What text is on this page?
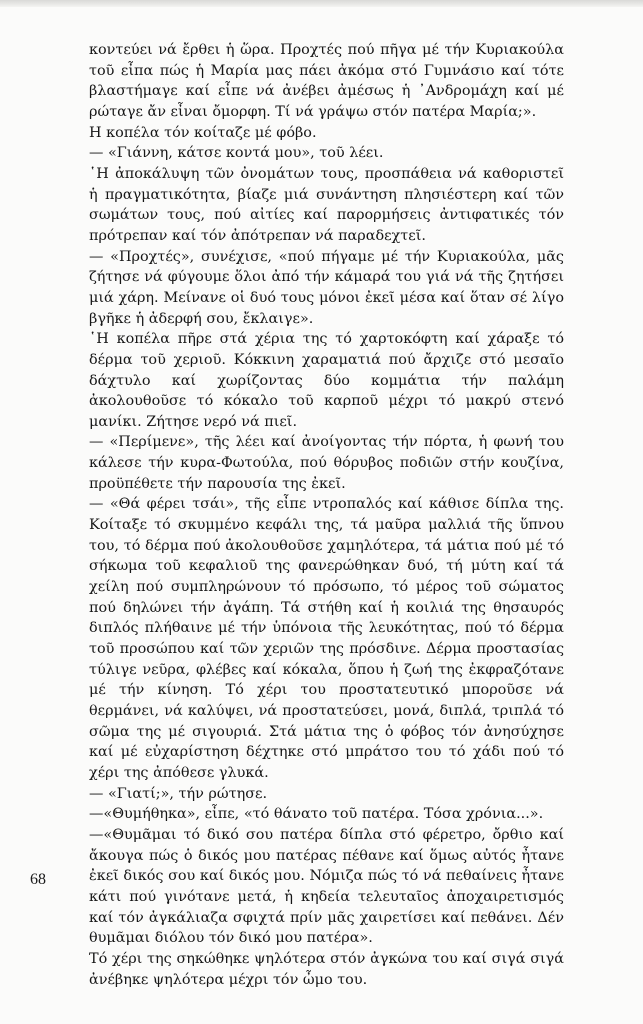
κοντεύει νά ἔρθει ἡ ὥρα. Προχτές πού πῆγα μέ τήν Κυριακούλα τοῦ εἶπα πώς ἡ Μαρία μας πάει ἀκόμα στό Γυμνάσιο καί τότε βλαστήμαγε καί εἶπε νά ἀνέβει ἀμέσως ἡ ᾽Ανδρομάχη καί μέ ρώταγε ἄν εἶναι ὄμορφη. Τί νά γράψω στόν πατέρα Μαρία;».

Η κοπέλα τόν κοίταζε μέ φόβο.

— «Γιάννη, κάτσε κοντά μου», τοῦ λέει.

῾Η ἀποκάλυψη τῶν ὀνομάτων τους, προσπάθεια νά καθοριστεῖ ἡ πραγματικότητα, βίαζε μιά συνάντηση πλησιέστερη καί τῶν σωμάτων τους, πού αἰτίες καί παρορμήσεις ἀντιφατικές τόν πρότρεπαν καί τόν ἀπότρεπαν νά παραδεχτεῖ.

— «Προχτές», συνέχισε, «πού πήγαμε μέ τήν Κυριακούλα, μᾶς ζήτησε νά φύγουμε ὅλοι ἀπό τήν κάμαρά του γιά νά τῆς ζητήσει μιά χάρη. Μείνανε οἱ δυό τους μόνοι ἐκεῖ μέσα καί ὅταν σέ λίγο βγῆκε ἡ ἀδερφή σου, ἔκλαιγε».

῾Η κοπέλα πῆρε στά χέρια της τό χαρτοκόφτη καί χάραξε τό δέρμα τοῦ χεριοῦ. Κόκκινη χαραματιά πού ἄρχιζε στό μεσαῖο δάχτυλο καί χωρίζοντας δύο κομμάτια τήν παλάμη ἀκολουθοῦσε τό κόκαλο τοῦ καρποῦ μέχρι τό μακρύ στενό μανίκι. Ζήτησε νερό νά πιεῖ.

— «Περίμενε», τῆς λέει καί ἀνοίγοντας τήν πόρτα, ἡ φωνή του κάλεσε τήν κυρα-Φωτούλα, πού θόρυβος ποδιῶν στήν κουζίνα, προϋπέθετε τήν παρουσία της ἐκεῖ.

— «Θά φέρει τσάι», τῆς εἶπε ντροπαλός καί κάθισε δίπλα της. Κοίταξε τό σκυμμένο κεφάλι της, τά μαῦρα μαλλιά τῆς ὕπνου του, τό δέρμα πού ἀκολουθοῦσε χαμηλότερα, τά μάτια πού μέ τό σήκωμα τοῦ κεφαλιοῦ της φανερώθηκαν δυό, τή μύτη καί τά χείλη πού συμπληρώνουν τό πρόσωπο, τό μέρος τοῦ σώματος πού δηλώνει τήν ἀγάπη. Τά στήθη καί ἡ κοιλιά της θησαυρός διπλός πλήθαινε μέ τήν ὑπόνοια τῆς λευκότητας, πού τό δέρμα τοῦ προσώπου καί τῶν χεριῶν της πρόσδινε. Δέρμα προστασίας τύλιγε νεῦρα, φλέβες καί κόκαλα, ὅπου ἡ ζωή της ἐκφραζότανε μέ τήν κίνηση. Τό χέρι του προστατευτικό μποροῦσε νά θερμάνει, νά καλύψει, νά προστατεύσει, μονά, διπλά, τριπλά τό σῶμα της μέ σιγουριά. Στά μάτια της ὁ φόβος τόν ἀνησύχησε καί μέ εὐχαρίστηση δέχτηκε στό μπράτσο του τό χάδι πού τό χέρι της ἀπόθεσε γλυκά.

— «Γιατί;», τήν ρώτησε.

—«Θυμήθηκα», εἶπε, «τό θάνατο τοῦ πατέρα. Τόσα χρόνια...».

—«Θυμᾶμαι τό δικό σου πατέρα δίπλα στό φέρετρο, ὄρθιο καί ἄκουγα πώς ὁ δικός μου πατέρας πέθανε καί ὅμως αὐτός ἦτανε ἐκεῖ δικός σου καί δικός μου. Νόμιζα πώς τό νά πεθαίνεις ἦτανε κάτι πού γινότανε μετά, ἡ κηδεία τελευταῖος ἀποχαιρετισμός καί τόν ἀγκάλιαζα σφιχτά πρίν μᾶς χαιρετίσει καί πεθάνει. Δέν θυμᾶμαι διόλου τόν δικό μου πατέρα».

Τό χέρι της σηκώθηκε ψηλότερα στόν ἀγκώνα του καί σιγά σιγά ἀνέβηκε ψηλότερα μέχρι τόν ὦμο του.

68
